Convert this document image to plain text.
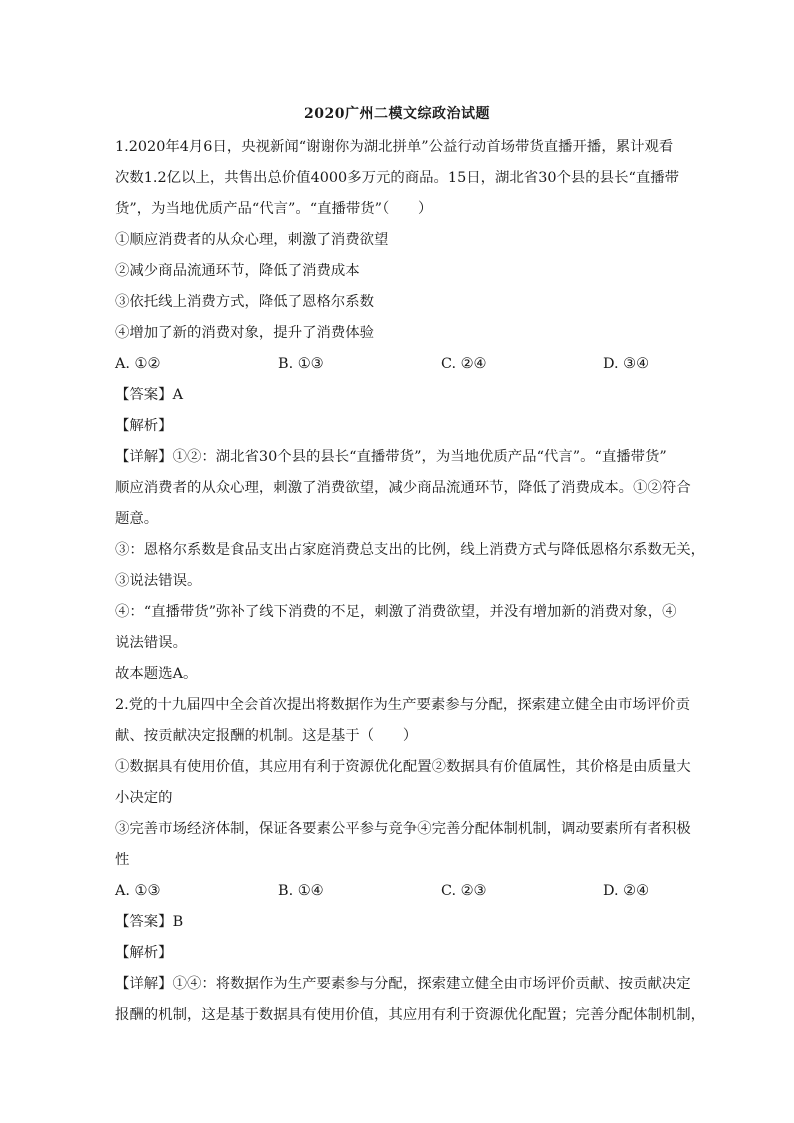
2020广州二模文综政治试题

1.2020年4月6日，央视新闻“谢谢你为湖北拼单”公益行动首场带货直播开播，累计观看

次数1.2亿以上，共售出总价值4000多万元的商品。15日，湖北省30个县的县长“直播带

货”，为当地优质产品“代言”。“直播带货”（　　）

①顺应消费者的从众心理，刺激了消费欲望

②减少商品流通环节，降低了消费成本

③依托线上消费方式，降低了恩格尔系数

④增加了新的消费对象，提升了消费体验

A. ①②	B. ①③	C. ②④	D. ③④

【答案】A

【解析】

【详解】①②：湖北省30个县的县长“直播带货”，为当地优质产品“代言”。“直播带货”

顺应消费者的从众心理，刺激了消费欲望，减少商品流通环节，降低了消费成本。①②符合

题意。

③：恩格尔系数是食品支出占家庭消费总支出的比例，线上消费方式与降低恩格尔系数无关，

③说法错误。

④：“直播带货”弥补了线下消费的不足，刺激了消费欲望，并没有增加新的消费对象，④

说法错误。

故本题选A。

2.党的十九届四中全会首次提出将数据作为生产要素参与分配，探索建立健全由市场评价贡

献、按贡献决定报酬的机制。这是基于（　　）

①数据具有使用价值，其应用有利于资源优化配置②数据具有价值属性，其价格是由质量大

小决定的

③完善市场经济体制，保证各要素公平参与竞争④完善分配体制机制，调动要素所有者积极

性

A. ①③	B. ①④	C. ②③	D. ②④

【答案】B

【解析】

【详解】①④：将数据作为生产要素参与分配，探索建立健全由市场评价贡献、按贡献决定

报酬的机制，这是基于数据具有使用价值，其应用有利于资源优化配置；完善分配体制机制，
